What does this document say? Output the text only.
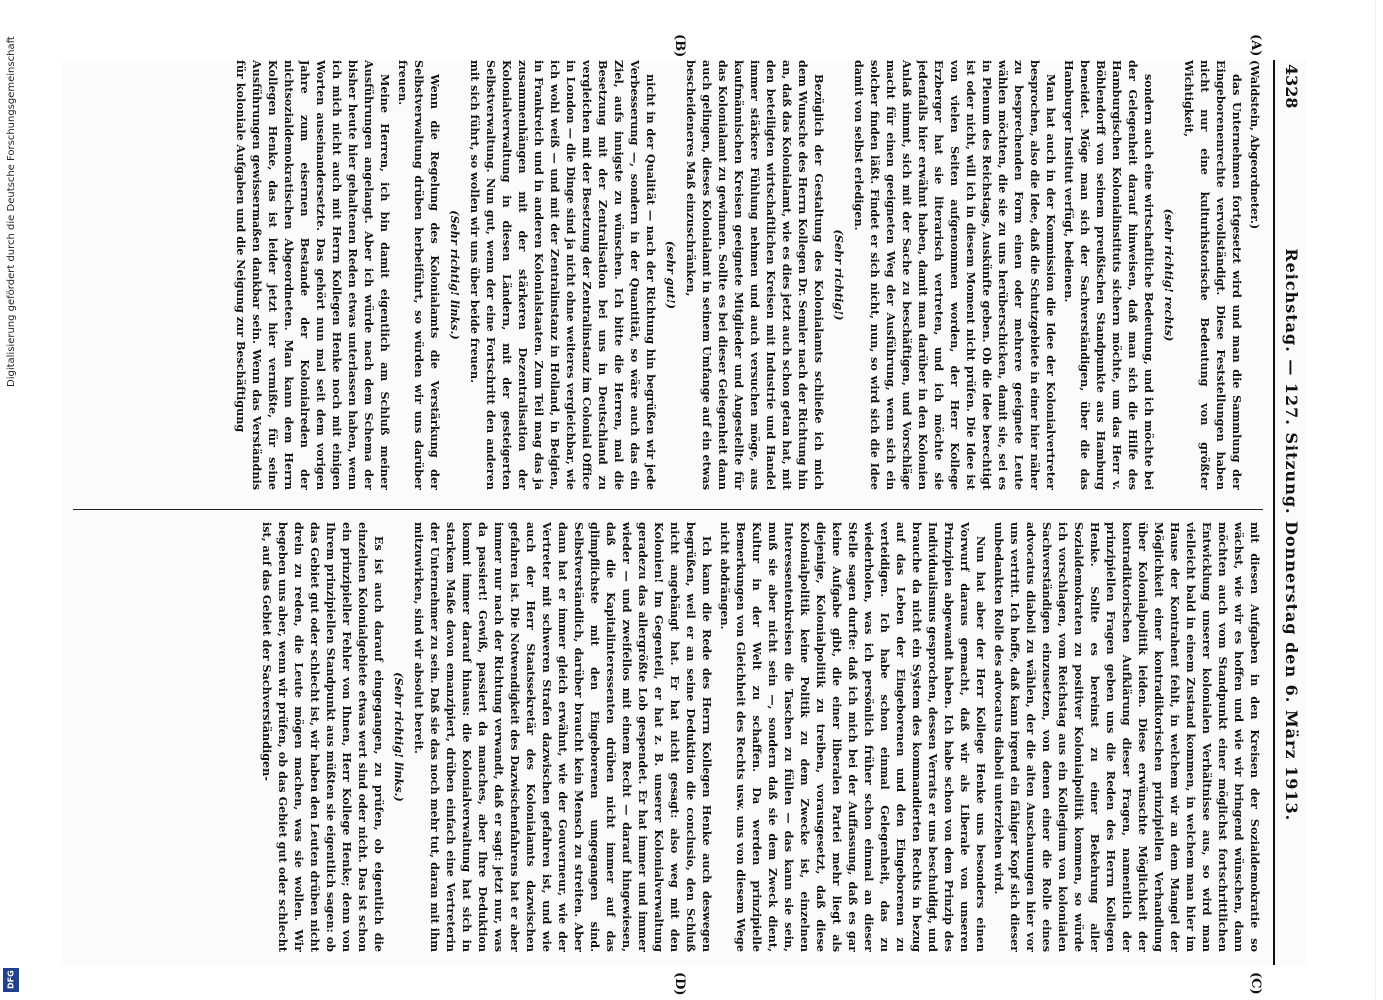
Digitalisierung gefördert durch die Deutsche Forschungsgemeinschaft
DFG
4328
Reichstag. — 127. Sitzung. Donnerstag den 6. März 1913.
(A)
(B)
(C)
(D)

(Waldstein, Abgeordneter.)

das Unternehmen fortgesetzt wird und man die Sammlung der Eingeborenenrechte vervollständigt. Diese Feststellungen haben nicht nur eine kulturhistorische Bedeutung von größter Wichtigkeit,

(sehr richtig! rechts)

sondern auch eine wirtschaftliche Bedeutung, und ich möchte bei der Gelegenheit darauf hinweisen, daß man sich die Hilfe des Hamburgischen Kolonialinstituts sichern möchte, um das Herr v. Böhlendorff von seinem preußischen Standpunkte aus Hamburg beneidet. Möge man sich der Sachverständigen, über die das Hamburger Institut verfügt, bedienen.

Man hat auch in der Kommission die Idee der Kolonialvertreter besprochen, also die Idee, daß die Schutzgebiete in einer hier näher zu besprechenden Form einen oder mehrere geeignete Leute wählen möchten, die sie zu uns herüberschicken, damit sie, sei es in Plenum des Reichstags, Auskünfte geben. Ob die Idee berechtigt ist oder nicht, will ich in diesem Moment nicht prüfen. Die Idee ist von vielen Seiten aufgenommen worden, der Herr Kollege Erzberger hat sie literarisch vertreten, und ich möchte sie jedenfalls hier erwähnt haben, damit man darüber in den Kolonien Anlaß nimmt, sich mit der Sache zu beschäftigen, und Vorschläge macht für einen geeigneten Weg der Ausführung, wenn sich ein solcher finden läßt. Findet er sich nicht, nun, so wird sich die Idee damit von selbst erledigen.

(Sehr richtig!)

Bezüglich der Gestaltung des Kolonialamts schließe ich mich dem Wunsche des Herrn Kollegen Dr. Semler nach der Richtung hin an, daß das Kolonialamt, wie es dies jetzt auch schon getan hat, mit den beteiligten wirtschaftlichen Kreisen mit Industrie und Handel immer stärkere Fühlung nehmen und auch versuchen möge, aus kaufmännischen Kreisen geeignete Mitglieder und Angestellte für das Kolonialamt zu gewinnen. Sollte es bei dieser Gelegenheit dann auch gelingen, dieses Kolonialamt in seinem Umfange auf ein etwas bescheideneres Maß einzuschränken,

(sehr gut!)

nicht in der Qualität — nach der Richtung hin begrüßen wir jede Verbesserung —, sondern in der Quantität, so wäre auch das ein Ziel, aufs innigste zu wünschen. Ich bitte die Herren, mal die Besetzung mit der Zentralisation bei uns in Deutschland zu vergleichen mit der Besetzung der Zentralinstanz im Colonial Office in London — die Dinge sind ja nicht ohne weiteres vergleichbar, wie ich wohl weiß — und mit der Zentralinstanz in Holland, in Belgien, in Frankreich und in anderen Kolonialstaaten. Zum Teil mag das ja zusammenhängen mit der stärkeren Dezentralisation der Kolonialverwaltung in diesen Ländern, mit der gesteigerten Selbstverwaltung. Nun gut, wenn der eine Fortschritt den anderen mit sich führt, so wollen wir uns über beide freuen.

(Sehr richtig! links.)

Wenn die Regelung des Kolonialamts die Verstärkung der Selbstverwaltung drüben herbeiführt, so würden wir uns darüber freuen.

Meine Herren, ich bin damit eigentlich am Schluß meiner Ausführungen angelangt. Aber ich würde nach dem Schema der bisher heute hier gehaltenen Reden etwas unterlassen haben, wenn ich mich nicht auch mit Herrn Kollegen Henke noch mit einigen Worten auseinandersetzte. Das gehört nun mal seit dem vorigen Jahre zum eisernen Bestande der Kolonialreden der nichtsozialdemokratischen Abgeordneten. Man kann dem Herrn Kollegen Henke, das ist leider jetzt hier vermißte, für seine Ausführungen gewissermaßen dankbar sein. Wenn das Verständnis für koloniale Aufgaben und die Neigung zur Beschäftigung

mit diesen Aufgaben in den Kreisen der Sozialdemokratie so wächst, wie wir es hoffen und wie wir bringend wünschen, dann möchten auch vom Standpunkt einer möglichst fortschrittlichen Entwicklung unserer kolonialen Verhältnisse aus, so wird man vielleicht bald in einem Zustand kommen, in welchem man hier im Hause der Kontrahent fehlt, in welchem wir an dem Mangel der Möglichkeit einer kontradiktorischen prinzipiellen Verhandlung über Kolonialpolitik leiden. Diese erwünschte Möglichkeit der kontradiktorischen Aufklärung dieser Fragen, namentlich der prinzipiellen Fragen geben uns die Reden des Herrn Kollegen Henke. Sollte es bereinst zu einer Bekehrung aller Sozialdemokraten zu positiver Kolonialpolitik kommen, so würde ich vorschlagen, vom Reichstag aus ein Kollegium von kolonialen Sachverständigen einzusetzen, von denen einer die Rolle eines advocatus diaboli zu wählen, der die alten Anschauungen hier vor uns vertritt. Ich hoffe, daß kann irgend ein fähiger Kopf sich dieser unbedankten Rolle des advocatus diaboli unterziehen wird.

Nun hat aber der Herr Kollege Henke uns besonders einen Vorwurf daraus gemacht, daß wir als Liberale von unseren Prinzipien abgewandt haben. Ich habe schon von dem Prinzip des Individualismus gesprochen, dessen Verrats er uns beschuldigt, und brauche da nicht ein System des kommandierten Rechts in bezug auf das Leben der Eingeborenen und den Eingeborenen zu verteidigen. Ich habe schon einmal Gelegenheit, das zu wiederholen, was ich persönlich früher schon einmal an dieser Stelle sagen durfte: daß ich mich bei der Auffassung, daß es gar keine Aufgabe gibt, die einer liberalen Partei mehr liegt als diejenige, Kolonialpolitik zu treiben, vorausgesetzt, daß diese Kolonialpolitik keine Politik zu dem Zwecke ist, einzelnen Interessentenkreisen die Taschen zu füllen — das kann sie sein, muß sie aber nicht sein —, sondern daß sie dem Zweck dient, Kultur in der Welt zu schaffen. Da werden prinzipielle Bemerkungen von Gleichheit des Rechts usw. uns von diesem Wege nicht abdrängen.

Ich kann die Rede des Herrn Kollegen Henke auch deswegen begrüßen, weil er an seine Deduktion die conclusio, den Schluß nicht angehängt hat. Er hat nicht gesagt: also weg mit den Kolonien! Im Gegenteil, er hat z. B. unserer Kolonialverwaltung geradezu das allergrößte Lob gespendet. Er hat immer und immer wieder — und zweifellos mit einem Recht — darauf hingewiesen, daß die Kapitalinteressenten drüben nicht immer auf das glimpflichste mit den Eingeborenen umgegangen sind. Selbstverständlich, darüber braucht kein Mensch zu streiten. Aber dann hat er immer gleich erwähnt, wie der Gouverneur, wie der Vertreter mit schweren Strafen dazwischen gefahren ist, und wie auch der Herr Staatssekretär des Kolonialamts dazwischen gefahren ist. Die Notwendigkeit des Dazwischenfahrens hat er aber immer nur nach der Richtung verwandt, daß er sagt: jetzt nur, was da passiert! Gewiß, passiert da manches, aber Ihre Deduktion kommt immer darauf hinaus: die Kolonialverwaltung hat sich in starkem Maße davon emanzipiert, drüben einfach eine Vertreterin der Unternehmer zu sein. Daß sie das noch mehr tut, daran mit ihm mitzuwirken, sind wir absolut bereit.

(Sehr richtig! links.)

Es ist auch darauf eingegangen, zu prüfen, ob eigentlich die einzelnen Kolonialgebiete etwas wert sind oder nicht. Das ist schon ein prinzipieller Fehler von Ihnen, Herr Kollege Henke; denn von Ihrem prinzipiellen Standpunkt aus müßten sie eigentlich sagen: ob das Gebiet gut oder schlecht ist, wir haben den Leuten drüben nicht drein zu reden, die Leute mögen machen, was sie wollen. Wir begeben uns aber, wenn wir prüfen, ob das Gebiet gut oder schlecht ist, auf das Gebiet der Sachverständigen-
